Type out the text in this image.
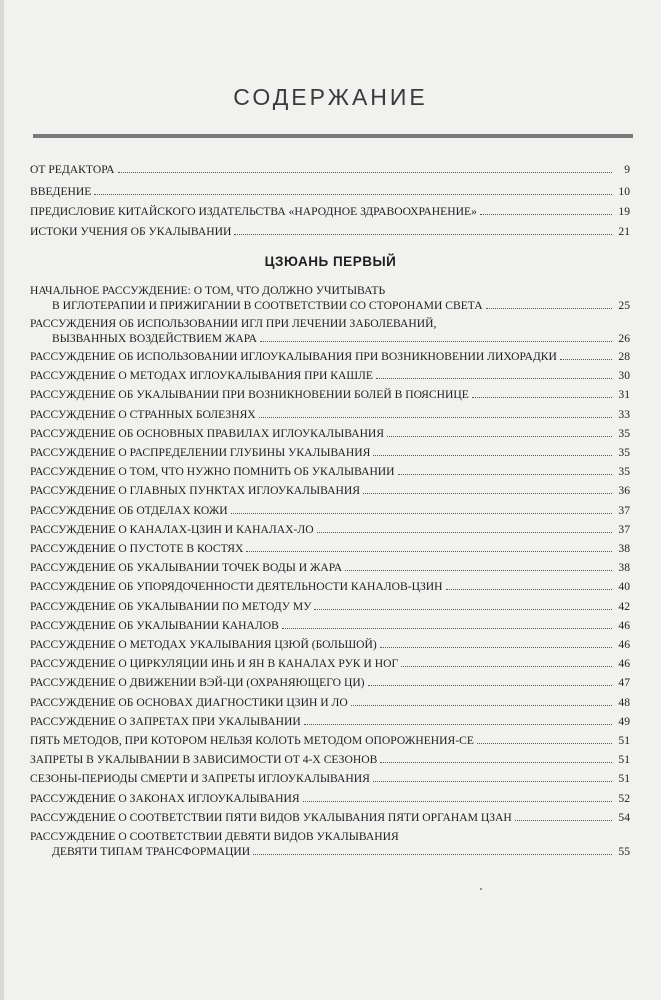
СОДЕРЖАНИЕ
ОТ РЕДАКТОРА	9
ВВЕДЕНИЕ	10
ПРЕДИСЛОВИЕ КИТАЙСКОГО ИЗДАТЕЛЬСТВА «НАРОДНОЕ ЗДРАВООХРАНЕНИЕ»	19
ИСТОКИ УЧЕНИЯ ОБ УКАЛЫВАНИИ	21
ЦЗЮАНЬ ПЕРВЫЙ
НАЧАЛЬНОЕ РАССУЖДЕНИЕ: О ТОМ, ЧТО ДОЛЖНО УЧИТЫВАТЬ
В ИГЛОТЕРАПИИ И ПРИЖИГАНИИ В СООТВЕТСТВИИ СО СТОРОНАМИ СВЕТА	25
РАССУЖДЕНИЯ ОБ ИСПОЛЬЗОВАНИИ ИГЛ ПРИ ЛЕЧЕНИИ ЗАБОЛЕВАНИЙ,
ВЫЗВАННЫХ ВОЗДЕЙСТВИЕМ ЖАРА	26
РАССУЖДЕНИЕ ОБ ИСПОЛЬЗОВАНИИ ИГЛОУКАЛЫВАНИЯ ПРИ ВОЗНИКНОВЕНИИ ЛИХОРАДКИ	28
РАССУЖДЕНИЕ О МЕТОДАХ ИГЛОУКАЛЫВАНИЯ ПРИ КАШЛЕ	30
РАССУЖДЕНИЕ ОБ УКАЛЫВАНИИ ПРИ ВОЗНИКНОВЕНИИ БОЛЕЙ В ПОЯСНИЦЕ	31
РАССУЖДЕНИЕ О СТРАННЫХ БОЛЕЗНЯХ	33
РАССУЖДЕНИЕ ОБ ОСНОВНЫХ ПРАВИЛАХ ИГЛОУКАЛЫВАНИЯ	35
РАССУЖДЕНИЕ О РАСПРЕДЕЛЕНИИ ГЛУБИНЫ УКАЛЫВАНИЯ	35
РАССУЖДЕНИЕ О ТОМ, ЧТО НУЖНО ПОМНИТЬ ОБ УКАЛЫВАНИИ	35
РАССУЖДЕНИЕ О ГЛАВНЫХ ПУНКТАХ ИГЛОУКАЛЫВАНИЯ	36
РАССУЖДЕНИЕ ОБ ОТДЕЛАХ КОЖИ	37
РАССУЖДЕНИЕ О КАНАЛАХ-ЦЗИН И КАНАЛАХ-ЛО	37
РАССУЖДЕНИЕ О ПУСТОТЕ В КОСТЯХ	38
РАССУЖДЕНИЕ ОБ УКАЛЫВАНИИ ТОЧЕК ВОДЫ И ЖАРА	38
РАССУЖДЕНИЕ ОБ УПОРЯДОЧЕННОСТИ ДЕЯТЕЛЬНОСТИ КАНАЛОВ-ЦЗИН	40
РАССУЖДЕНИЕ ОБ УКАЛЫВАНИИ ПО МЕТОДУ МУ	42
РАССУЖДЕНИЕ ОБ УКАЛЫВАНИИ КАНАЛОВ	46
РАССУЖДЕНИЕ О МЕТОДАХ УКАЛЫВАНИЯ ЦЗЮЙ (БОЛЬШОЙ)	46
РАССУЖДЕНИЕ О ЦИРКУЛЯЦИИ ИНЬ И ЯН В КАНАЛАХ РУК И НОГ	46
РАССУЖДЕНИЕ О ДВИЖЕНИИ ВЭЙ-ЦИ (ОХРАНЯЮЩЕГО ЦИ)	47
РАССУЖДЕНИЕ ОБ ОСНОВАХ ДИАГНОСТИКИ ЦЗИН И ЛО	48
РАССУЖДЕНИЕ О ЗАПРЕТАХ ПРИ УКАЛЫВАНИИ	49
ПЯТЬ МЕТОДОВ, ПРИ КОТОРОМ НЕЛЬЗЯ КОЛОТЬ МЕТОДОМ ОПОРОЖНЕНИЯ-СЕ	51
ЗАПРЕТЫ В УКАЛЫВАНИИ В ЗАВИСИМОСТИ ОТ 4-Х СЕЗОНОВ	51
СЕЗОНЫ-ПЕРИОДЫ СМЕРТИ И ЗАПРЕТЫ ИГЛОУКАЛЫВАНИЯ	51
РАССУЖДЕНИЕ О ЗАКОНАХ ИГЛОУКАЛЫВАНИЯ	52
РАССУЖДЕНИЕ О СООТВЕТСТВИИ ПЯТИ ВИДОВ УКАЛЫВАНИЯ ПЯТИ ОРГАНАМ ЦЗАН	54
РАССУЖДЕНИЕ О СООТВЕТСТВИИ ДЕВЯТИ ВИДОВ УКАЛЫВАНИЯ
ДЕВЯТИ ТИПАМ ТРАНСФОРМАЦИИ	55
